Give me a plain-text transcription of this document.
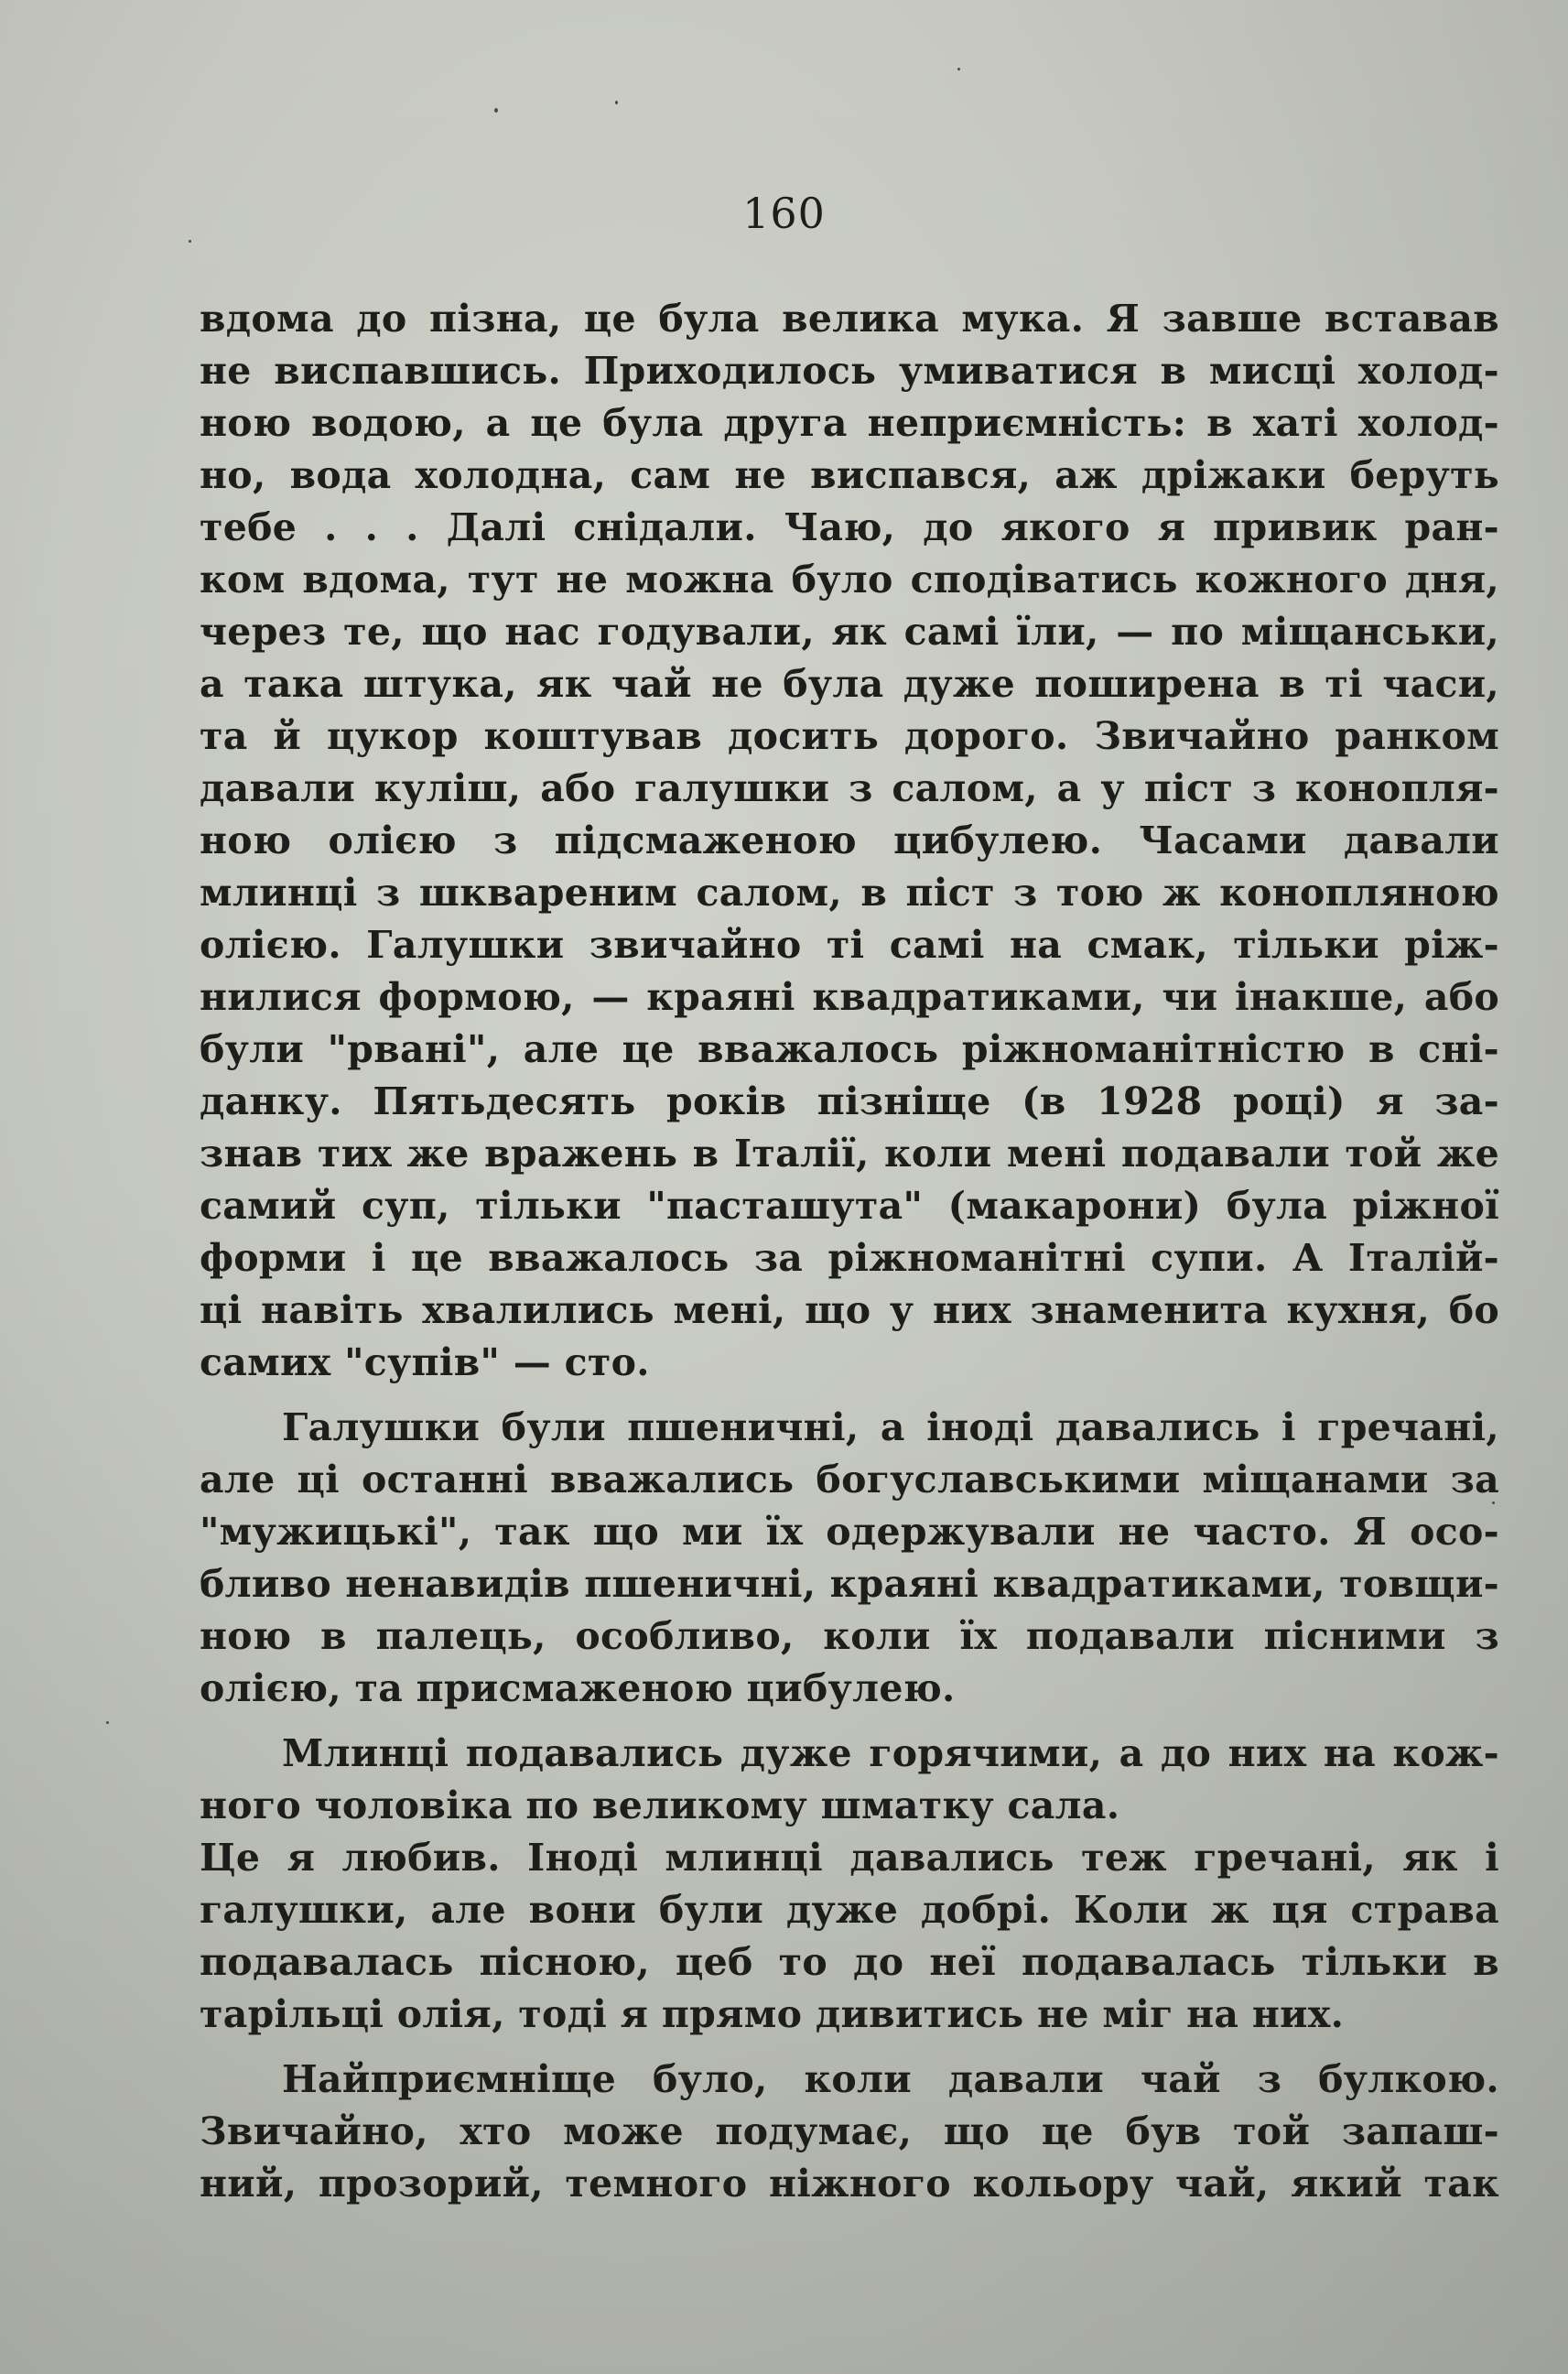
160
вдома до пізна, це була велика мука. Я завше вставав
не виспавшись. Приходилось умиватися в мисці холод-
ною водою, а це була друга неприємність: в хаті холод-
но, вода холодна, сам не виспався, аж дрiжаки беруть
тебе . . . Далі снідали. Чаю, до якого я привик ран-
ком вдома, тут не можна було сподіватись кожного дня,
через те, що нас годували, як самі їли, — по міщанськи,
а така штука, як чай не була дуже поширена в ті часи,
та й цукор коштував досить дорого. Звичайно ранком
давали куліш, або галушки з салом, а у піст з конопля-
ною олією з підсмаженою цибулею. Часами давали
млинці з шквареним салом, в піст з тою ж конопляною
олією. Галушки звичайно ті самі на смак, тільки ріж-
нилися формою, — краяні квадратиками, чи інакше, або
були "рвані", але це вважалось ріжноманітністю в сні-
данку. Пятьдесять років пізніще (в 1928 році) я за-
знав тих же вражень в Італії, коли мені подавали той же
самий суп, тільки "пасташута" (макарони) була ріжної
форми і це вважалось за ріжноманітні супи. А Італій-
ці навіть хвалились мені, що у них знаменита кухня, бо
самих "супів" — сто.
Галушки були пшеничні, а іноді давались і гречані,
але ці останні вважались богуславськими міщанами за
"мужицькі", так що ми їх одержували не часто. Я осо-
бливо ненавидів пшеничні, краяні квадратиками, товщи-
ною в палець, особливо, коли їх подавали пісними з
олією, та присмаженою цибулею.
Млинці подавались дуже горячими, а до них на кож-
ного чоловіка по великому шматку сала.
Це я любив. Іноді млинці давались теж гречані, як і
галушки, але вони були дуже добрі. Коли ж ця страва
подавалась пісною, цеб то до неї подавалась тільки в
тарільці олія, тоді я прямо дивитись не міг на них.
Найприємніще було, коли давали чай з булкою.
Звичайно, хто може подумає, що це був той запаш-
ний, прозорий, темного ніжного кольору чай, який так
